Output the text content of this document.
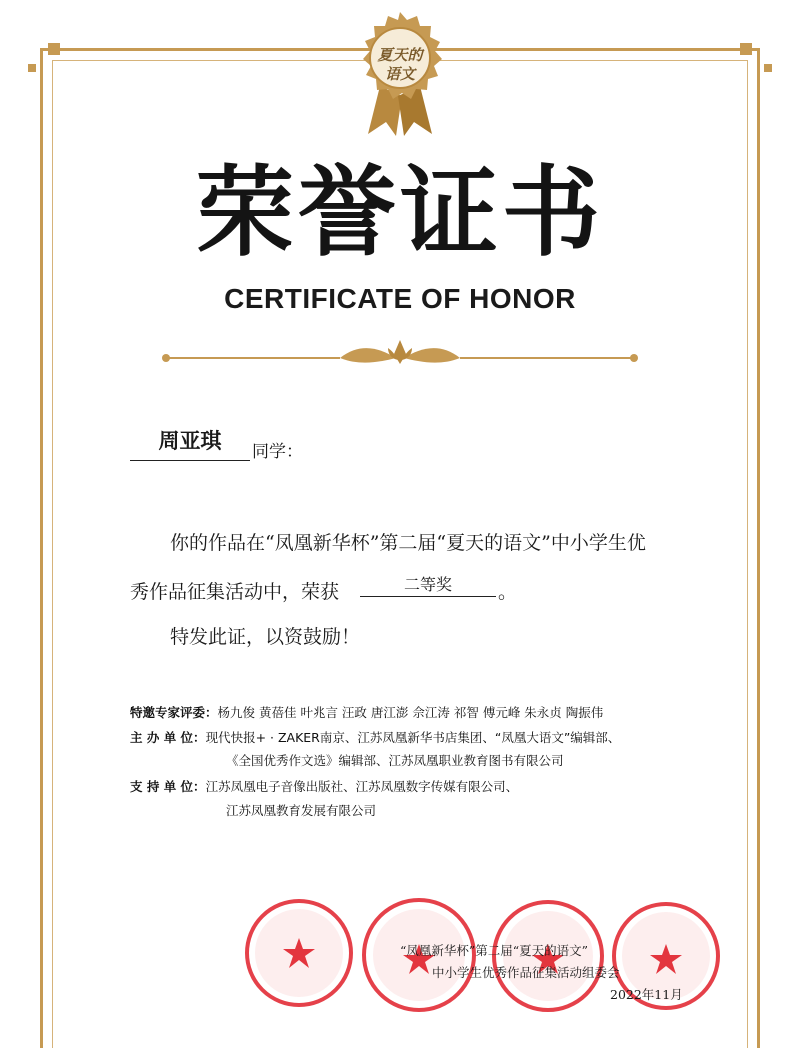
夏天的
语文
荣誉证书
CERTIFICATE OF HONOR
周亚琪	同学：
你的作品在“凤凰新华杯”第二届“夏天的语文”中小学生优
秀作品征集活动中，荣获	二等奖	。
特发此证，以资鼓励！
特邀专家评委：杨九俊 黄蓓佳 叶兆言 汪政 唐江澎 佘江涛 祁智 傅元峰 朱永贞 陶振伟
主 办 单 位：现代快报+ · ZAKER南京、江苏凤凰新华书店集团、“凤凰大语文”编辑部、
《全国优秀作文选》编辑部、江苏凤凰职业教育图书有限公司
支 持 单 位：江苏凤凰电子音像出版社、江苏凤凰数字传媒有限公司、
江苏凤凰教育发展有限公司
“凤凰新华杯”第二届“夏天的语文”
中小学生优秀作品征集活动组委会
2022年11月
